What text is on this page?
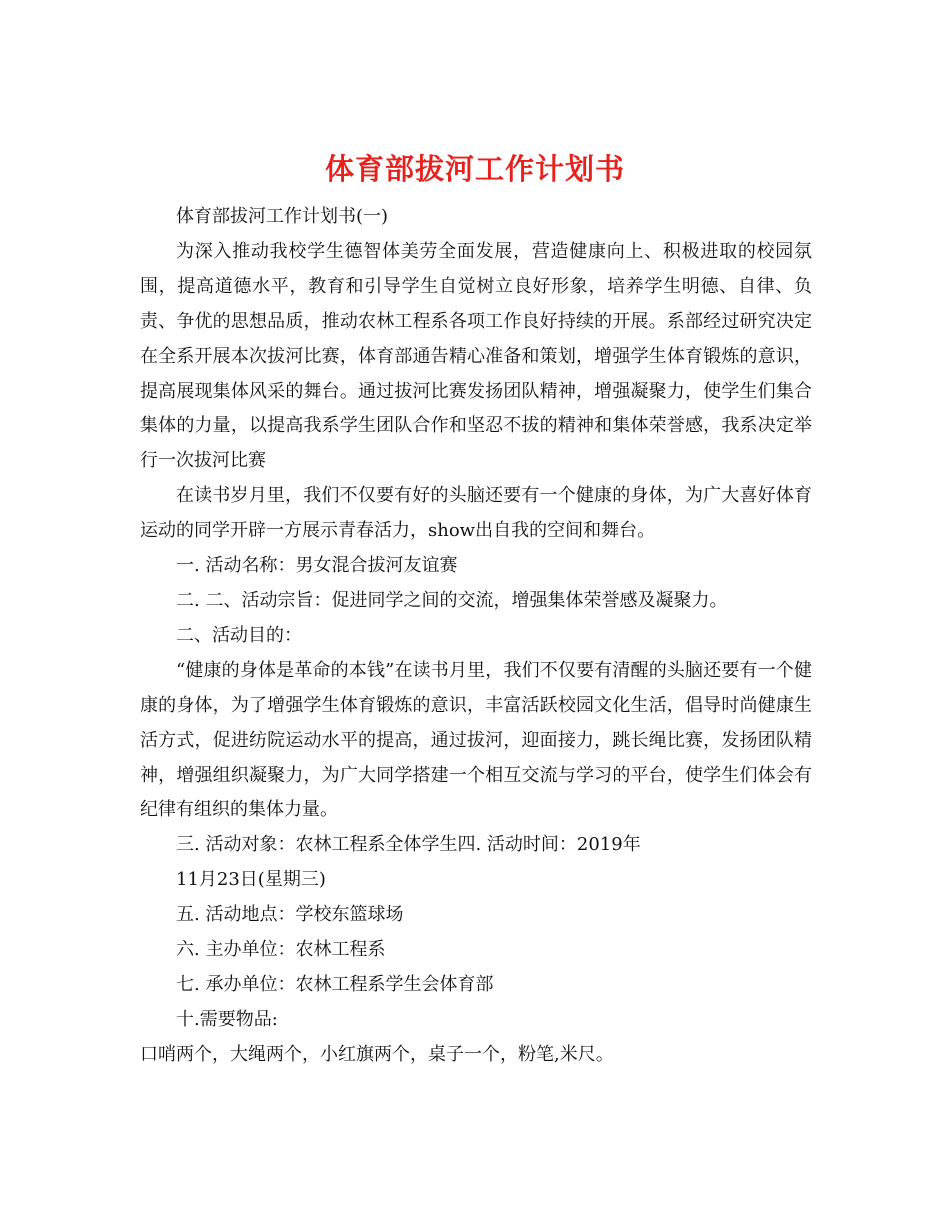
体育部拔河工作计划书

体育部拔河工作计划书(一)

为深入推动我校学生德智体美劳全面发展，营造健康向上、积极进取的校园氛围，提高道德水平，教育和引导学生自觉树立良好形象，培养学生明德、自律、负责、争优的思想品质，推动农林工程系各项工作良好持续的开展。系部经过研究决定在全系开展本次拔河比赛，体育部通告精心准备和策划，增强学生体育锻炼的意识，提高展现集体风采的舞台。通过拔河比赛发扬团队精神，增强凝聚力，使学生们集合集体的力量，以提高我系学生团队合作和坚忍不拔的精神和集体荣誉感，我系决定举行一次拔河比赛

在读书岁月里，我们不仅要有好的头脑还要有一个健康的身体，为广大喜好体育运动的同学开辟一方展示青春活力，show出自我的空间和舞台。

一. 活动名称：男女混合拔河友谊赛

二. 二、活动宗旨：促进同学之间的交流，增强集体荣誉感及凝聚力。

二、活动目的：

“健康的身体是革命的本钱”在读书月里，我们不仅要有清醒的头脑还要有一个健康的身体，为了增强学生体育锻炼的意识，丰富活跃校园文化生活，倡导时尚健康生活方式，促进纺院运动水平的提高，通过拔河，迎面接力，跳长绳比赛，发扬团队精神，增强组织凝聚力，为广大同学搭建一个相互交流与学习的平台，使学生们体会有纪律有组织的集体力量。

三. 活动对象：农林工程系全体学生四. 活动时间：2019年

11月23日(星期三)

五. 活动地点：学校东篮球场

六. 主办单位：农林工程系

七. 承办单位：农林工程系学生会体育部

十.需要物品:

口哨两个，大绳两个，小红旗两个，桌子一个，粉笔,米尺。
